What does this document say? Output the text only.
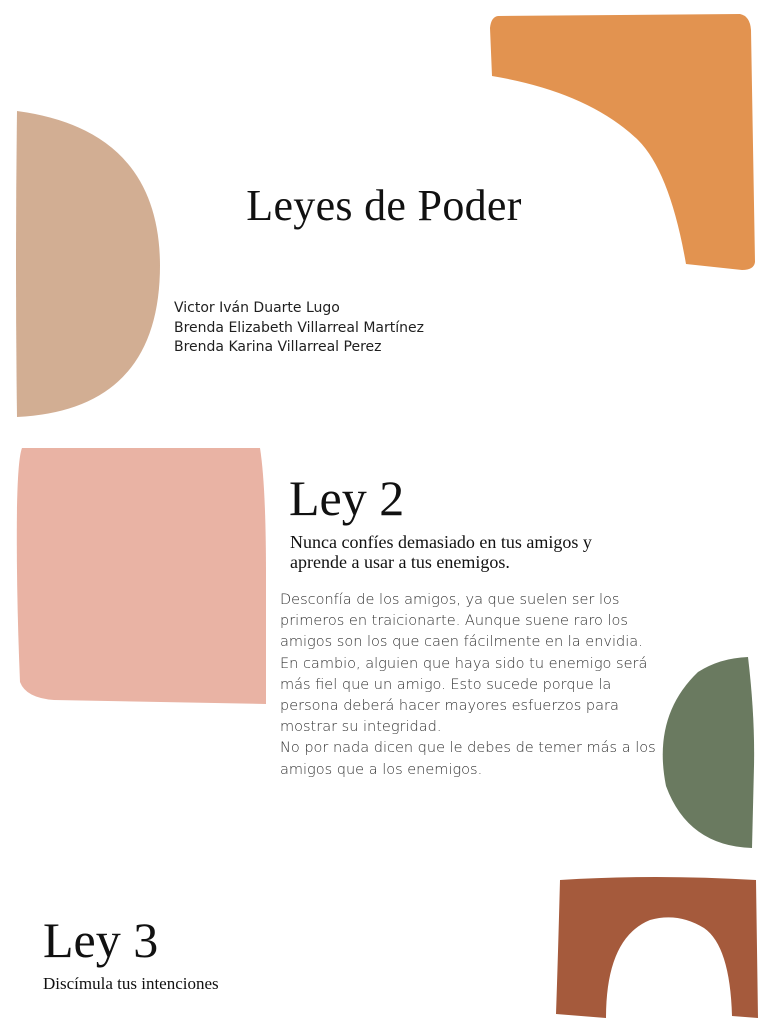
Leyes de Poder
Victor Iván Duarte Lugo
Brenda Elizabeth Villarreal Martínez
Brenda Karina Villarreal Perez
Ley 2
Nunca confíes demasiado en tus amigos y aprende a usar a tus enemigos.

Desconfía de los amigos, ya que suelen ser los primeros en traicionarte. Aunque suene raro los amigos son los que caen fácilmente en la envidia.

En cambio, alguien que haya sido tu enemigo será más fiel que un amigo. Esto sucede porque la persona deberá hacer mayores esfuerzos para mostrar su integridad.

No por nada dicen que le debes de temer más a los amigos que a los enemigos.

Ley 3
Discímula tus intenciones
